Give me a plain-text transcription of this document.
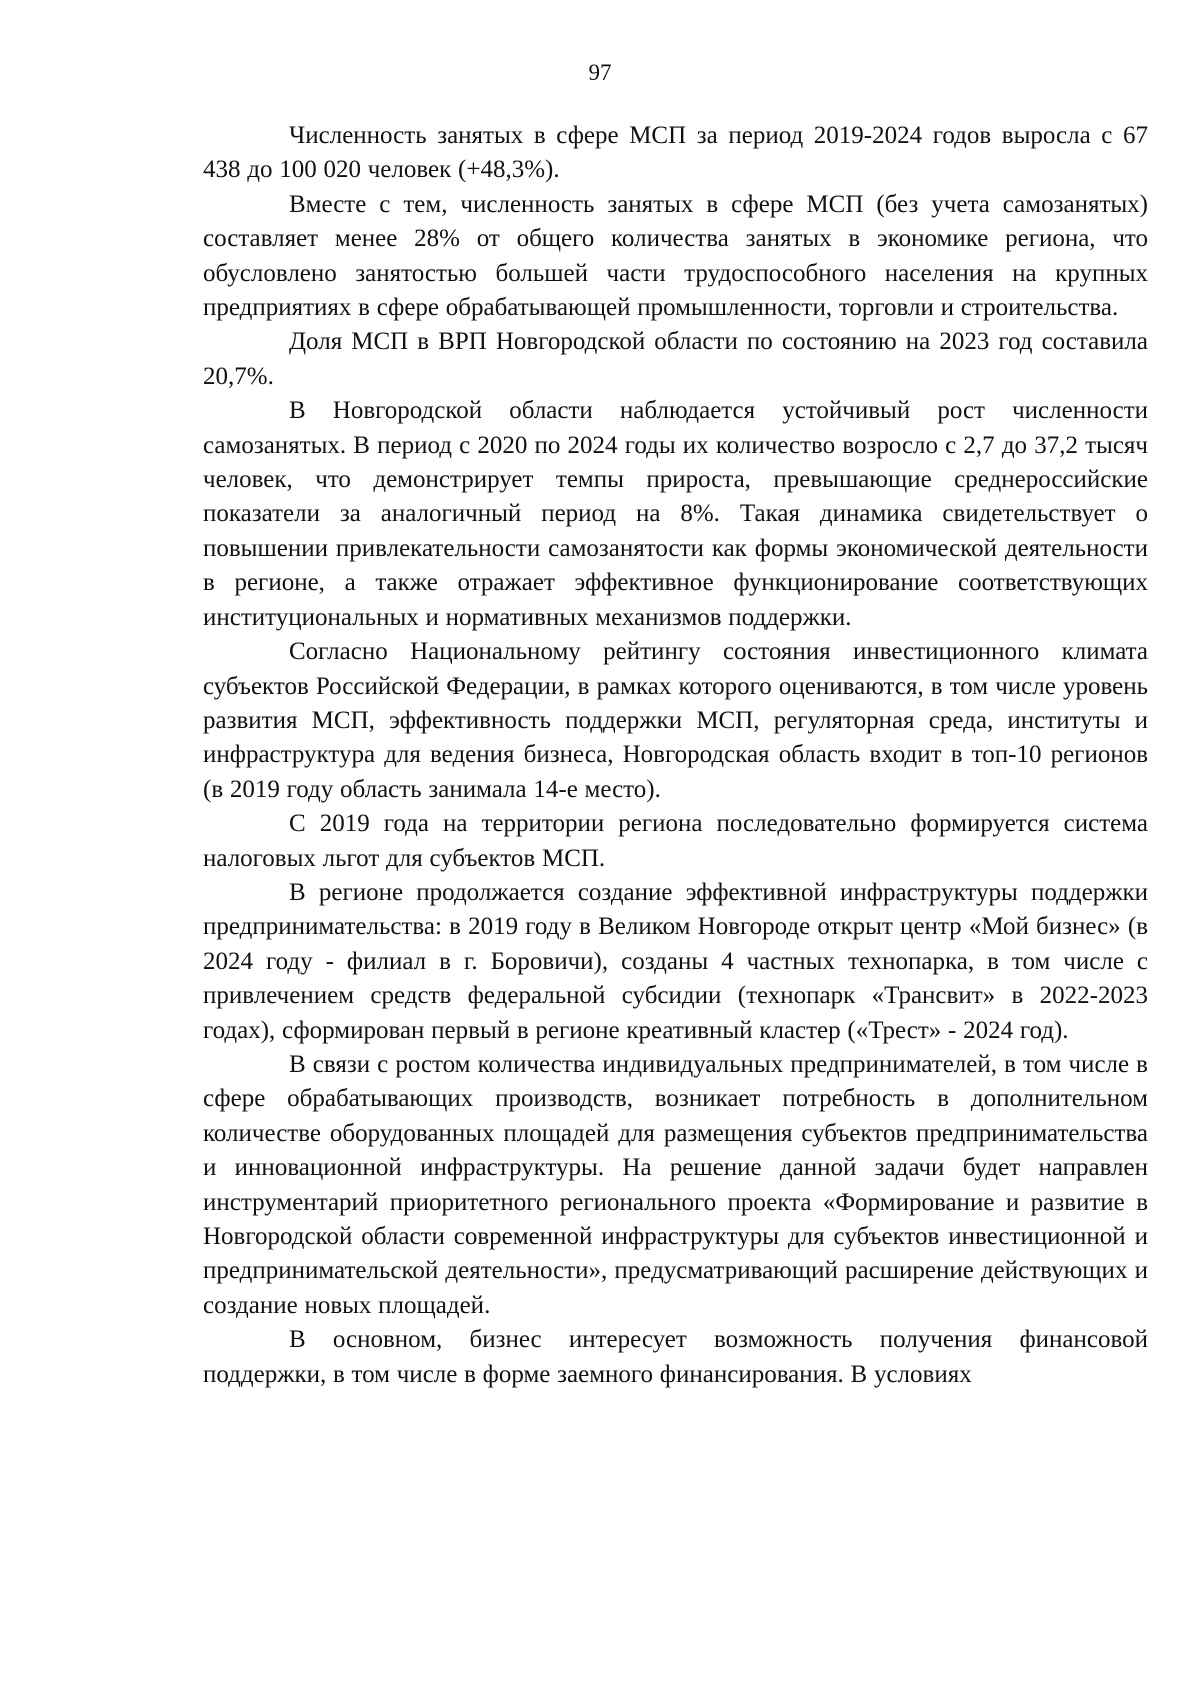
97

Численность занятых в сфере МСП за период 2019-2024 годов выросла с 67 438 до 100 020 человек (+48,3%).

Вместе с тем, численность занятых в сфере МСП (без учета самозанятых) составляет менее 28% от общего количества занятых в экономике региона, что обусловлено занятостью большей части трудоспособного населения на крупных предприятиях в сфере обрабатывающей промышленности, торговли и строительства.

Доля МСП в ВРП Новгородской области по состоянию на 2023 год составила 20,7%.

В Новгородской области наблюдается устойчивый рост численности самозанятых. В период с 2020 по 2024 годы их количество возросло с 2,7 до 37,2 тысяч человек, что демонстрирует темпы прироста, превышающие среднероссийские показатели за аналогичный период на 8%. Такая динамика свидетельствует о повышении привлекательности самозанятости как формы экономической деятельности в регионе, а также отражает эффективное функционирование соответствующих институциональных и нормативных механизмов поддержки.

Согласно Национальному рейтингу состояния инвестиционного климата субъектов Российской Федерации, в рамках которого оцениваются, в том числе уровень развития МСП, эффективность поддержки МСП, регуляторная среда, институты и инфраструктура для ведения бизнеса, Новгородская область входит в топ-10 регионов (в 2019 году область занимала 14-е место).

С 2019 года на территории региона последовательно формируется система налоговых льгот для субъектов МСП.

В регионе продолжается создание эффективной инфраструктуры поддержки предпринимательства: в 2019 году в Великом Новгороде открыт центр «Мой бизнес» (в 2024 году - филиал в г. Боровичи), созданы 4 частных технопарка, в том числе с привлечением средств федеральной субсидии (технопарк «Трансвит» в 2022-2023 годах), сформирован первый в регионе креативный кластер («Трест» - 2024 год).

В связи с ростом количества индивидуальных предпринимателей, в том числе в сфере обрабатывающих производств, возникает потребность в дополнительном количестве оборудованных площадей для размещения субъектов предпринимательства и инновационной инфраструктуры. На решение данной задачи будет направлен инструментарий приоритетного регионального проекта «Формирование и развитие в Новгородской области современной инфраструктуры для субъектов инвестиционной и предпринимательской деятельности», предусматривающий расширение действующих и создание новых площадей.

В основном, бизнес интересует возможность получения финансовой поддержки, в том числе в форме заемного финансирования. В условиях
